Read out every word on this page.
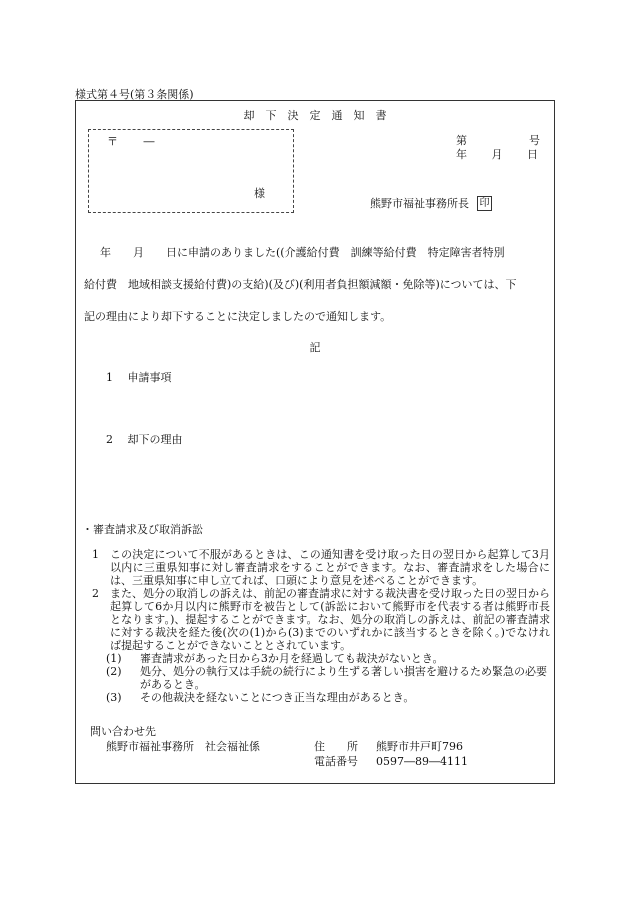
様式第４号(第３条関係)
却下決定通知書
〒　　 ―
様
第	号
年 月 日
熊野市福祉事務所長 印
年　　月　　日に申請のありました((介護給付費　訓練等給付費　特定障害者特別
給付費　地域相談支援給付費)の支給)(及び)(利用者負担額減額・免除等)については、下
記の理由により却下することに決定しましたので通知します。
記
1 申請事項
2 却下の理由
・審査請求及び取消訴訟
1	この決定について不服があるときは、この通知書を受け取った日の翌日から起算して3月以内に三重県知事に対し審査請求をすることができます。なお、審査請求をした場合には、三重県知事に申し立てれば、口頭により意見を述べることができます。
2	また、処分の取消しの訴えは、前記の審査請求に対する裁決書を受け取った日の翌日から起算して6か月以内に熊野市を被告として(訴訟において熊野市を代表する者は熊野市長となります。)、提起することができます。なお、処分の取消しの訴えは、前記の審査請求に対する裁決を経た後(次の(1)から(3)までのいずれかに該当するときを除く。)でなければ提起することができないこととされています。
(1)	審査請求があった日から3か月を経過しても裁決がないとき。
(2)	処分、処分の執行又は手続の続行により生ずる著しい損害を避けるため緊急の必要があるとき。
(3)	その他裁決を経ないことにつき正当な理由があるとき。
問い合わせ先
熊野市福祉事務所　社会福祉係	住　　所	熊野市井戸町796
電話番号	0597―89―4111
